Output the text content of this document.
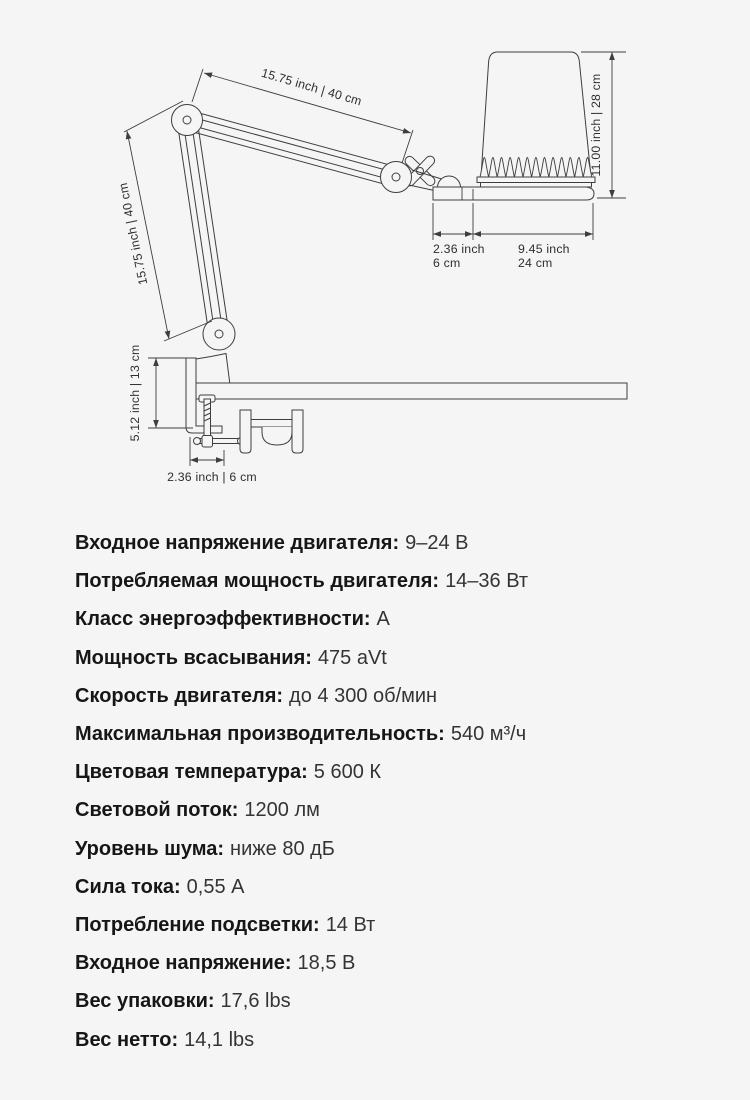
15.75 inch | 40 cm
15.75 inch | 40 cm
11.00 inch | 28 cm
2.36 inch
6 cm
9.45 inch
24 cm
5.12 inch | 13 cm
2.36 inch | 6 cm
Входное напряжение двигателя: 9–24 В
Потребляемая мощность двигателя: 14–36 Вт
Класс энергоэффективности: А
Мощность всасывания: 475 aVt
Скорость двигателя: до 4 300 об/мин
Максимальная производительность: 540 м³/ч
Цветовая температура: 5 600 К
Световой поток: 1200 лм
Уровень шума: ниже 80 дБ
Сила тока: 0,55 А
Потребление подсветки: 14 Вт
Входное напряжение: 18,5 В
Вес упаковки: 17,6 lbs
Вес нетто: 14,1 lbs
